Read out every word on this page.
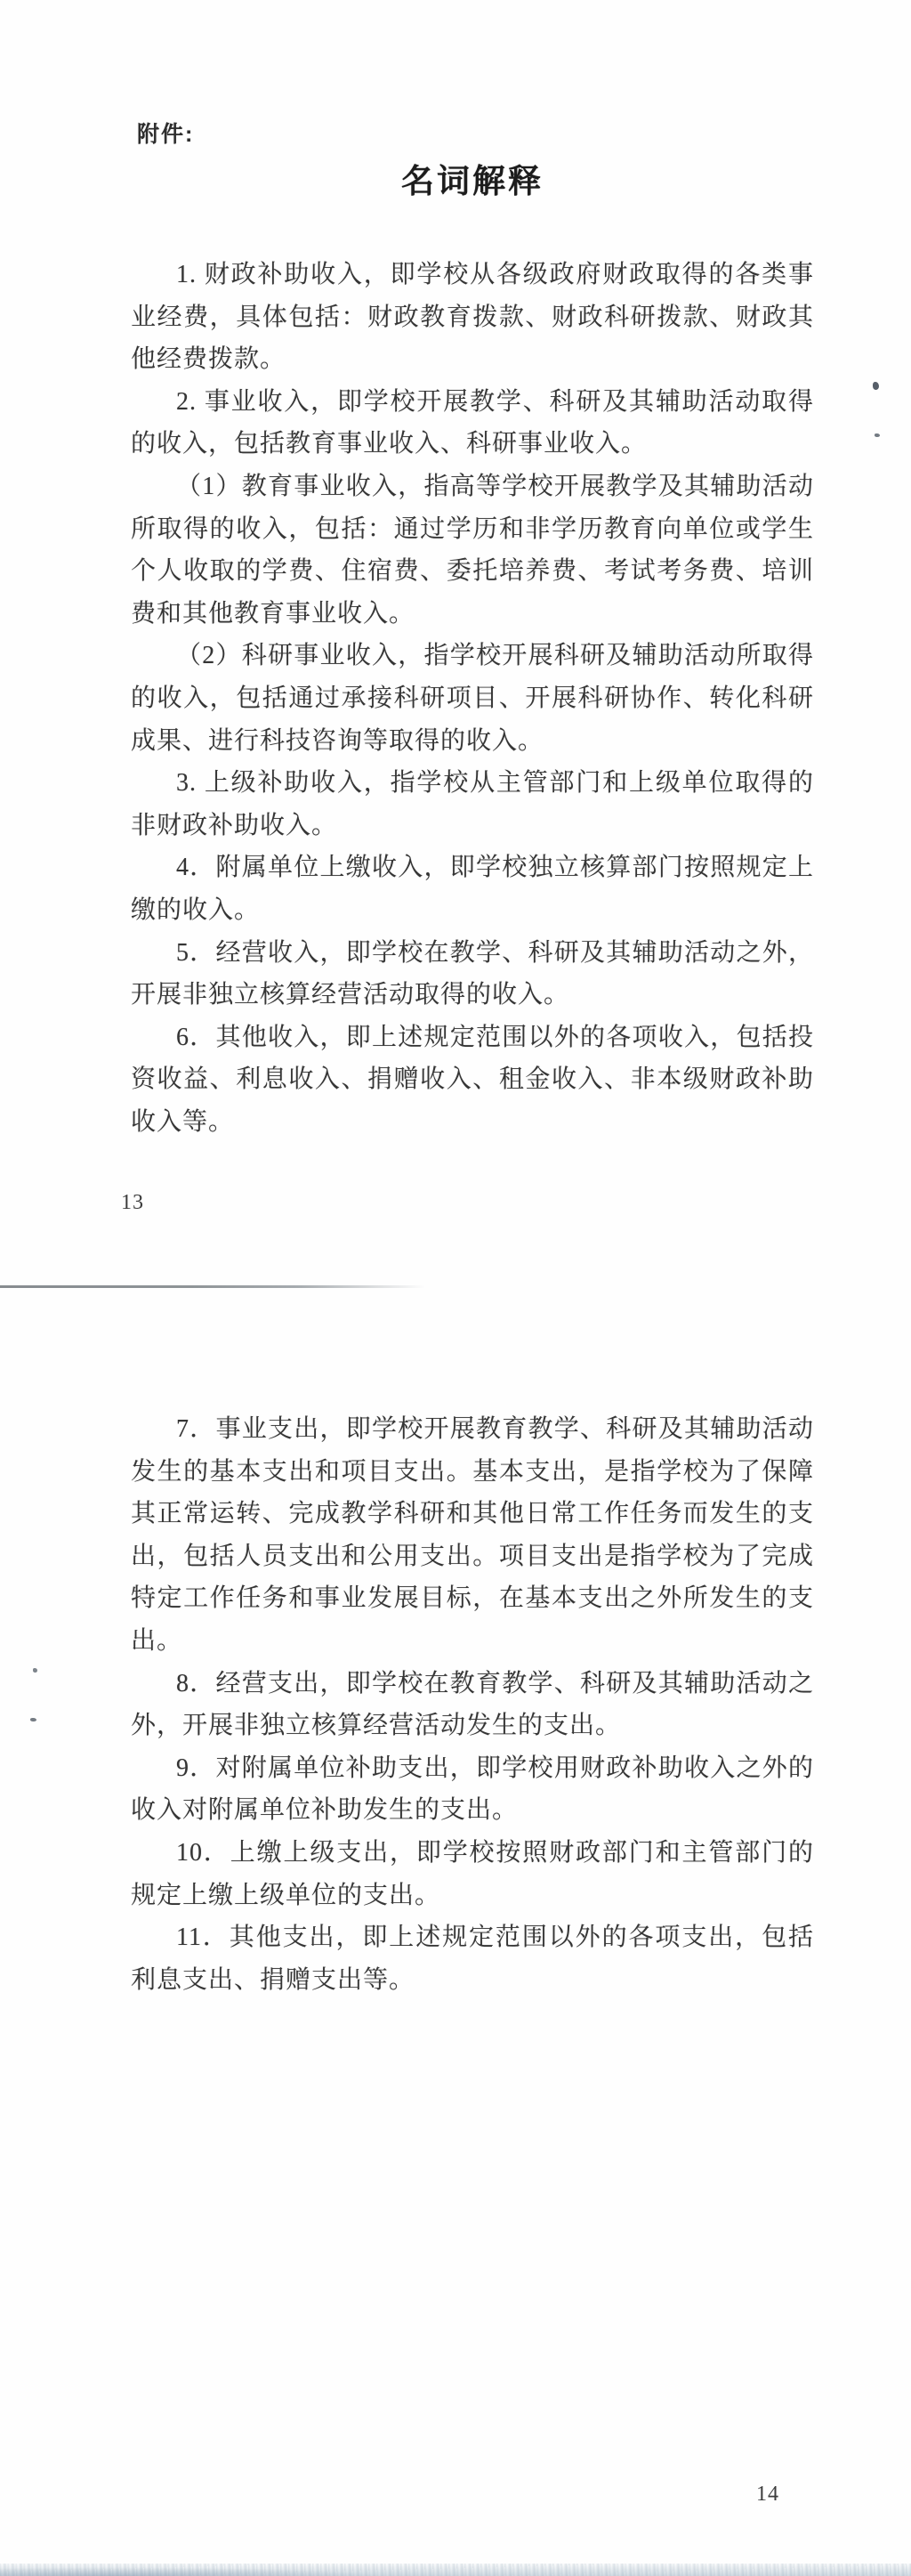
附件:
名词解释

1. 财政补助收入，即学校从各级政府财政取得的各类事业经费，具体包括：财政教育拨款、财政科研拨款、财政其他经费拨款。

2. 事业收入，即学校开展教学、科研及其辅助活动取得的收入，包括教育事业收入、科研事业收入。

（1）教育事业收入，指高等学校开展教学及其辅助活动所取得的收入，包括：通过学历和非学历教育向单位或学生个人收取的学费、住宿费、委托培养费、考试考务费、培训费和其他教育事业收入。

（2）科研事业收入，指学校开展科研及辅助活动所取得的收入，包括通过承接科研项目、开展科研协作、转化科研成果、进行科技咨询等取得的收入。

3. 上级补助收入，指学校从主管部门和上级单位取得的非财政补助收入。

4．附属单位上缴收入，即学校独立核算部门按照规定上缴的收入。

5．经营收入，即学校在教学、科研及其辅助活动之外，开展非独立核算经营活动取得的收入。

6．其他收入，即上述规定范围以外的各项收入，包括投资收益、利息收入、捐赠收入、租金收入、非本级财政补助收入等。

13

7．事业支出，即学校开展教育教学、科研及其辅助活动发生的基本支出和项目支出。基本支出，是指学校为了保障其正常运转、完成教学科研和其他日常工作任务而发生的支出，包括人员支出和公用支出。项目支出是指学校为了完成特定工作任务和事业发展目标，在基本支出之外所发生的支出。

8．经营支出，即学校在教育教学、科研及其辅助活动之外，开展非独立核算经营活动发生的支出。

9．对附属单位补助支出，即学校用财政补助收入之外的收入对附属单位补助发生的支出。

10．上缴上级支出，即学校按照财政部门和主管部门的规定上缴上级单位的支出。

11．其他支出，即上述规定范围以外的各项支出，包括利息支出、捐赠支出等。

14
